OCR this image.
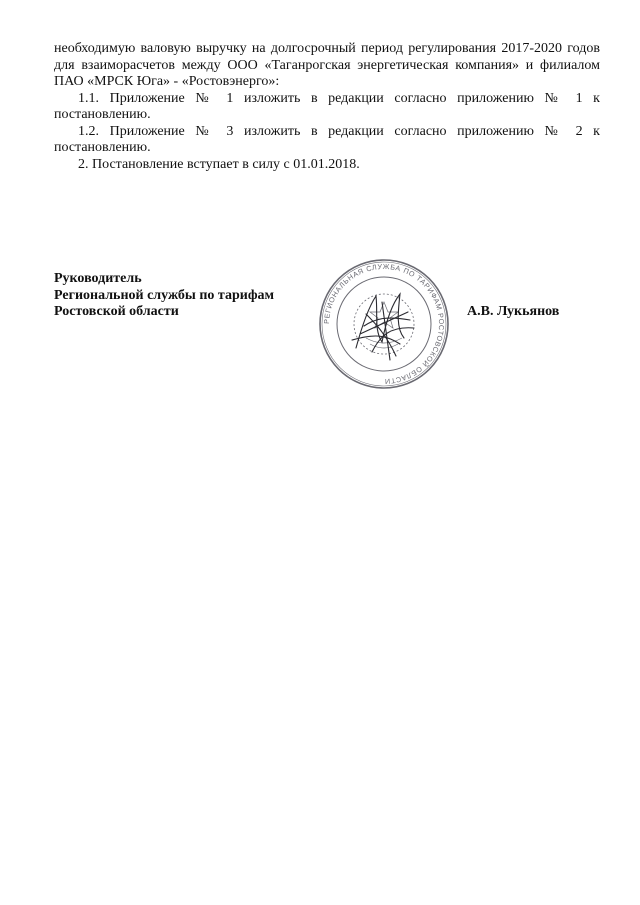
необходимую валовую выручку на долгосрочный период регулирования 2017-2020 годов для взаиморасчетов между ООО «Таганрогская энергетическая компания» и филиалом ПАО «МРСК Юга» - «Ростовэнерго»:

1.1. Приложение № 1 изложить в редакции согласно приложению № 1 к постановлению.

1.2. Приложение № 3 изложить в редакции согласно приложению № 2 к постановлению.

2. Постановление вступает в силу с 01.01.2018.

Руководитель
Региональной службы по тарифам
Ростовской области
РЕГИОНАЛЬНАЯ СЛУЖБА ПО ТАРИФАМ РОСТОВСКОЙ ОБЛАСТИ
А.В. Лукьянов
